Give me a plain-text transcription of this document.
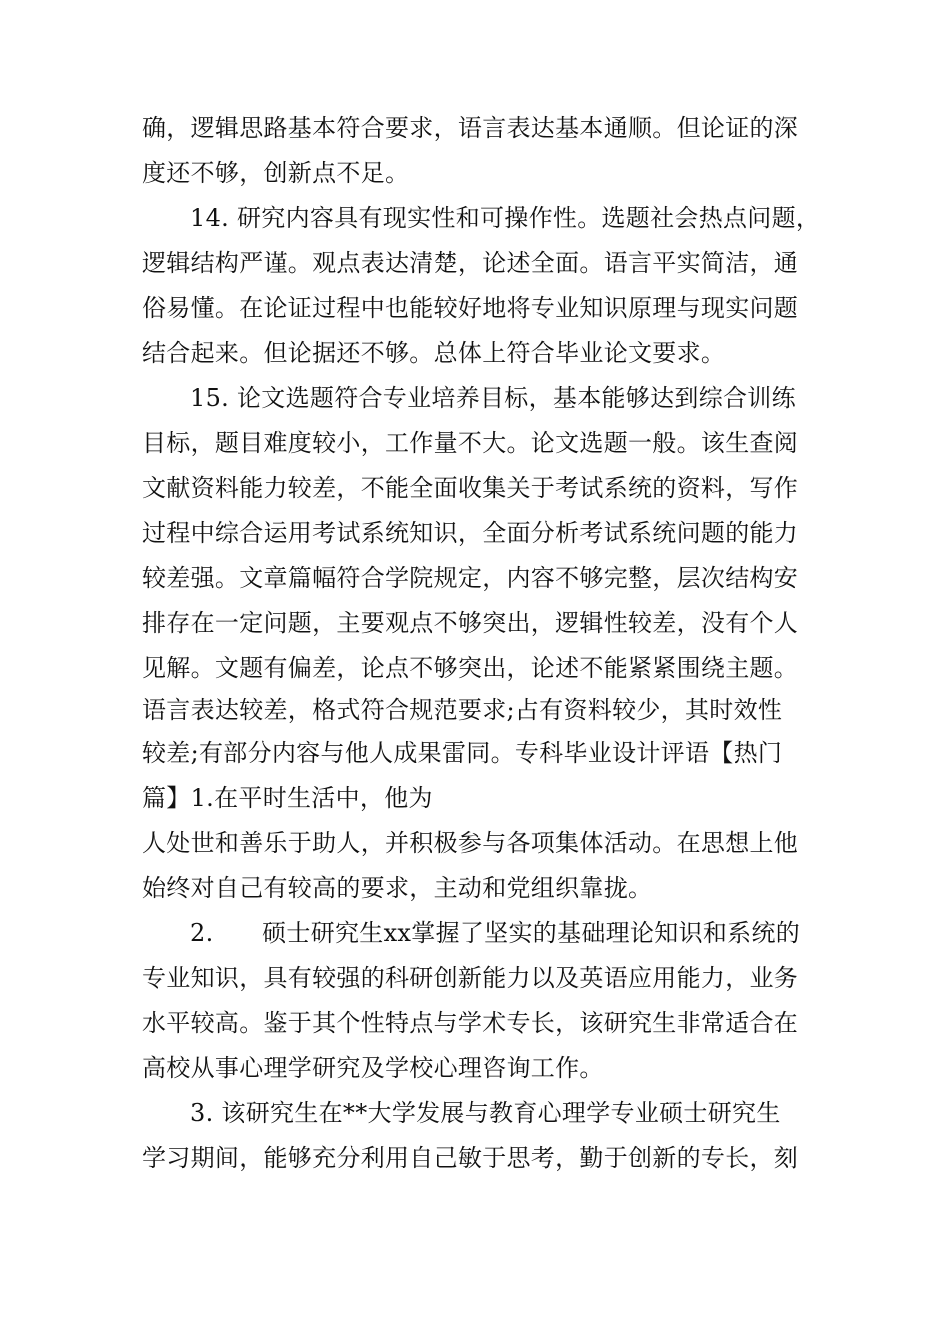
确，逻辑思路基本符合要求，语言表达基本通顺。但论证的深
度还不够，创新点不足。
14. 研究内容具有现实性和可操作性。选题社会热点问题，
逻辑结构严谨。观点表达清楚，论述全面。语言平实简洁，通
俗易懂。在论证过程中也能较好地将专业知识原理与现实问题
结合起来。但论据还不够。总体上符合毕业论文要求。
15. 论文选题符合专业培养目标，基本能够达到综合训练
目标，题目难度较小，工作量不大。论文选题一般。该生查阅
文献资料能力较差，不能全面收集关于考试系统的资料，写作
过程中综合运用考试系统知识，全面分析考试系统问题的能力
较差强。文章篇幅符合学院规定，内容不够完整，层次结构安
排存在一定问题，主要观点不够突出，逻辑性较差，没有个人
见解。文题有偏差，论点不够突出，论述不能紧紧围绕主题。
语言表达较差，格式符合规范要求;占有资料较少，其时效性
较差;有部分内容与他人成果雷同。专科毕业设计评语【热门
篇】1.在平时生活中，他为
人处世和善乐于助人，并积极参与各项集体活动。在思想上他
始终对自己有较高的要求，主动和党组织靠拢。
2.　　硕士研究生xx掌握了坚实的基础理论知识和系统的
专业知识，具有较强的科研创新能力以及英语应用能力，业务
水平较高。鉴于其个性特点与学术专长，该研究生非常适合在
高校从事心理学研究及学校心理咨询工作。
3. 该研究生在**大学发展与教育心理学专业硕士研究生
学习期间，能够充分利用自己敏于思考，勤于创新的专长，刻
